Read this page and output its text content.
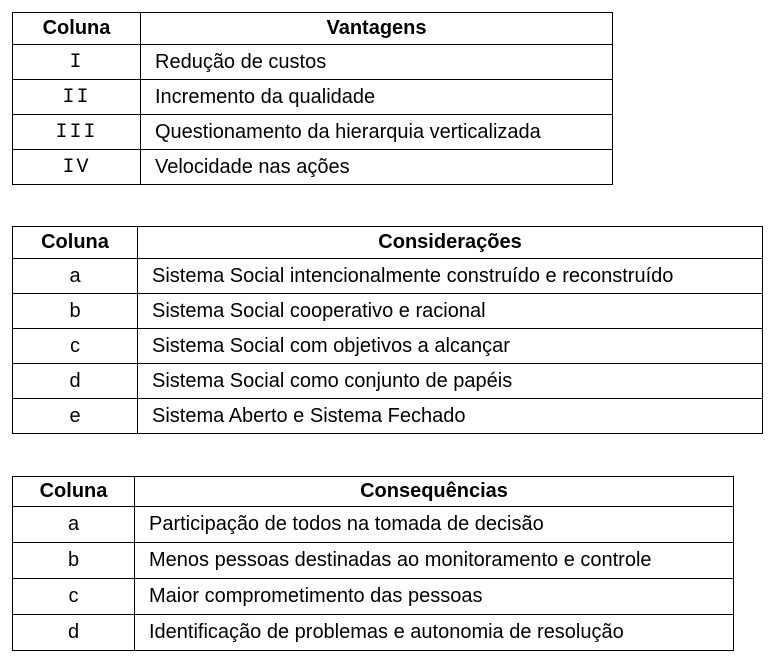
Coluna	Vantagens
I	Redução de custos
II	Incremento da qualidade
III	Questionamento da hierarquia verticalizada
IV	Velocidade nas ações
Coluna	Considerações
a	Sistema Social intencionalmente construído e reconstruído
b	Sistema Social cooperativo e racional
c	Sistema Social com objetivos a alcançar
d	Sistema Social como conjunto de papéis
e	Sistema Aberto e Sistema Fechado
Coluna	Consequências
a	Participação de todos na tomada de decisão
b	Menos pessoas destinadas ao monitoramento e controle
c	Maior comprometimento das pessoas
d	Identificação de problemas e autonomia de resolução
